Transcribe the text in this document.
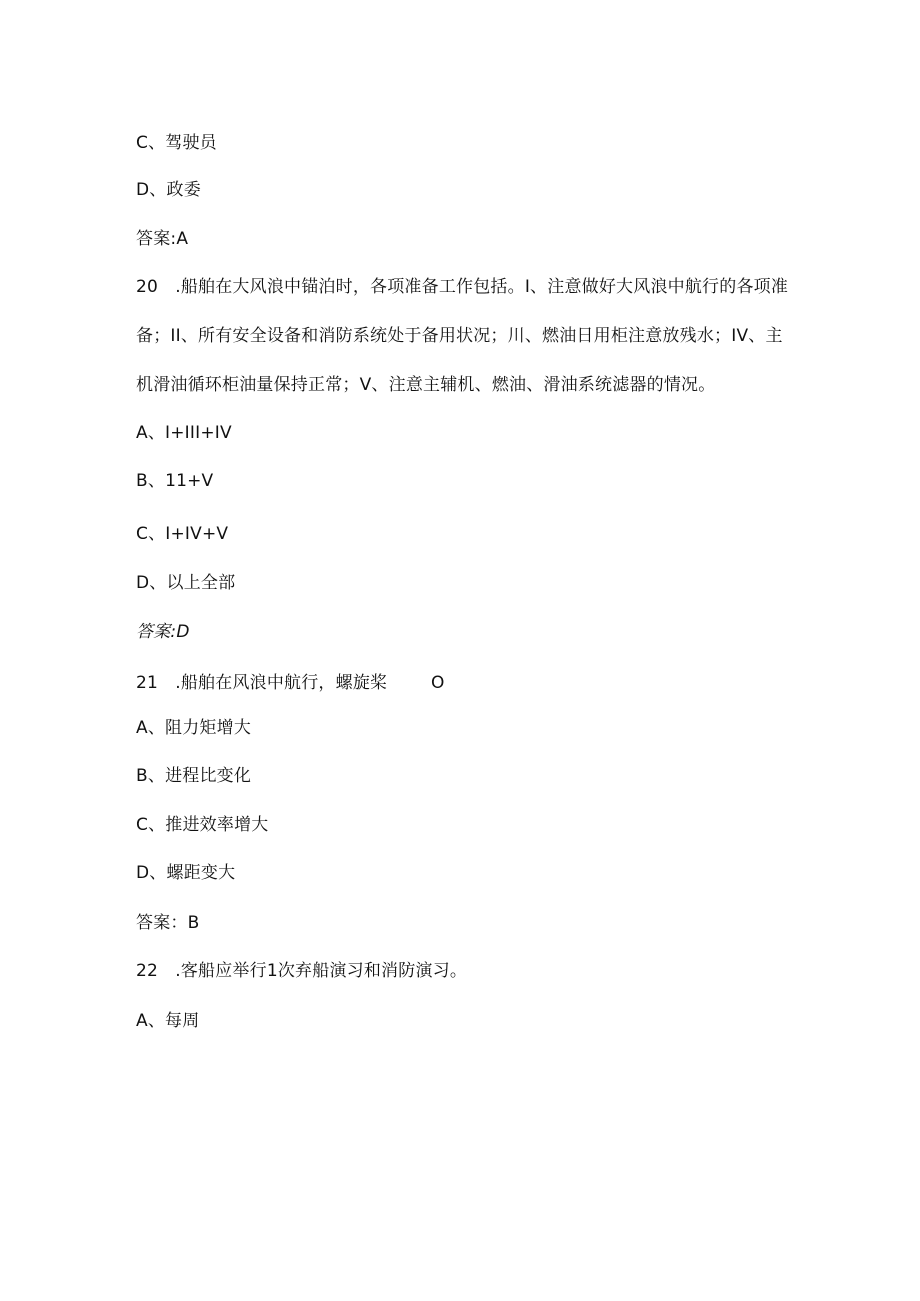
C、驾驶员
D、政委
答案:A
20　.船舶在大风浪中锚泊时，各项准备工作包括。I、注意做好大风浪中航行的各项准
备；II、所有安全设备和消防系统处于备用状况；川、燃油日用柜注意放残水；IV、主
机滑油循环柜油量保持正常；V、注意主辅机、燃油、滑油系统滤器的情况。
A、I+III+IV
B、11+V
C、I+IV+V
D、以上全部
答案:D
21　.船舶在风浪中航行，螺旋桨	O
A、阻力矩增大
B、进程比变化
C、推进效率增大
D、螺距变大
答案：B
22　.客船应举行1次弃船演习和消防演习。
A、每周
